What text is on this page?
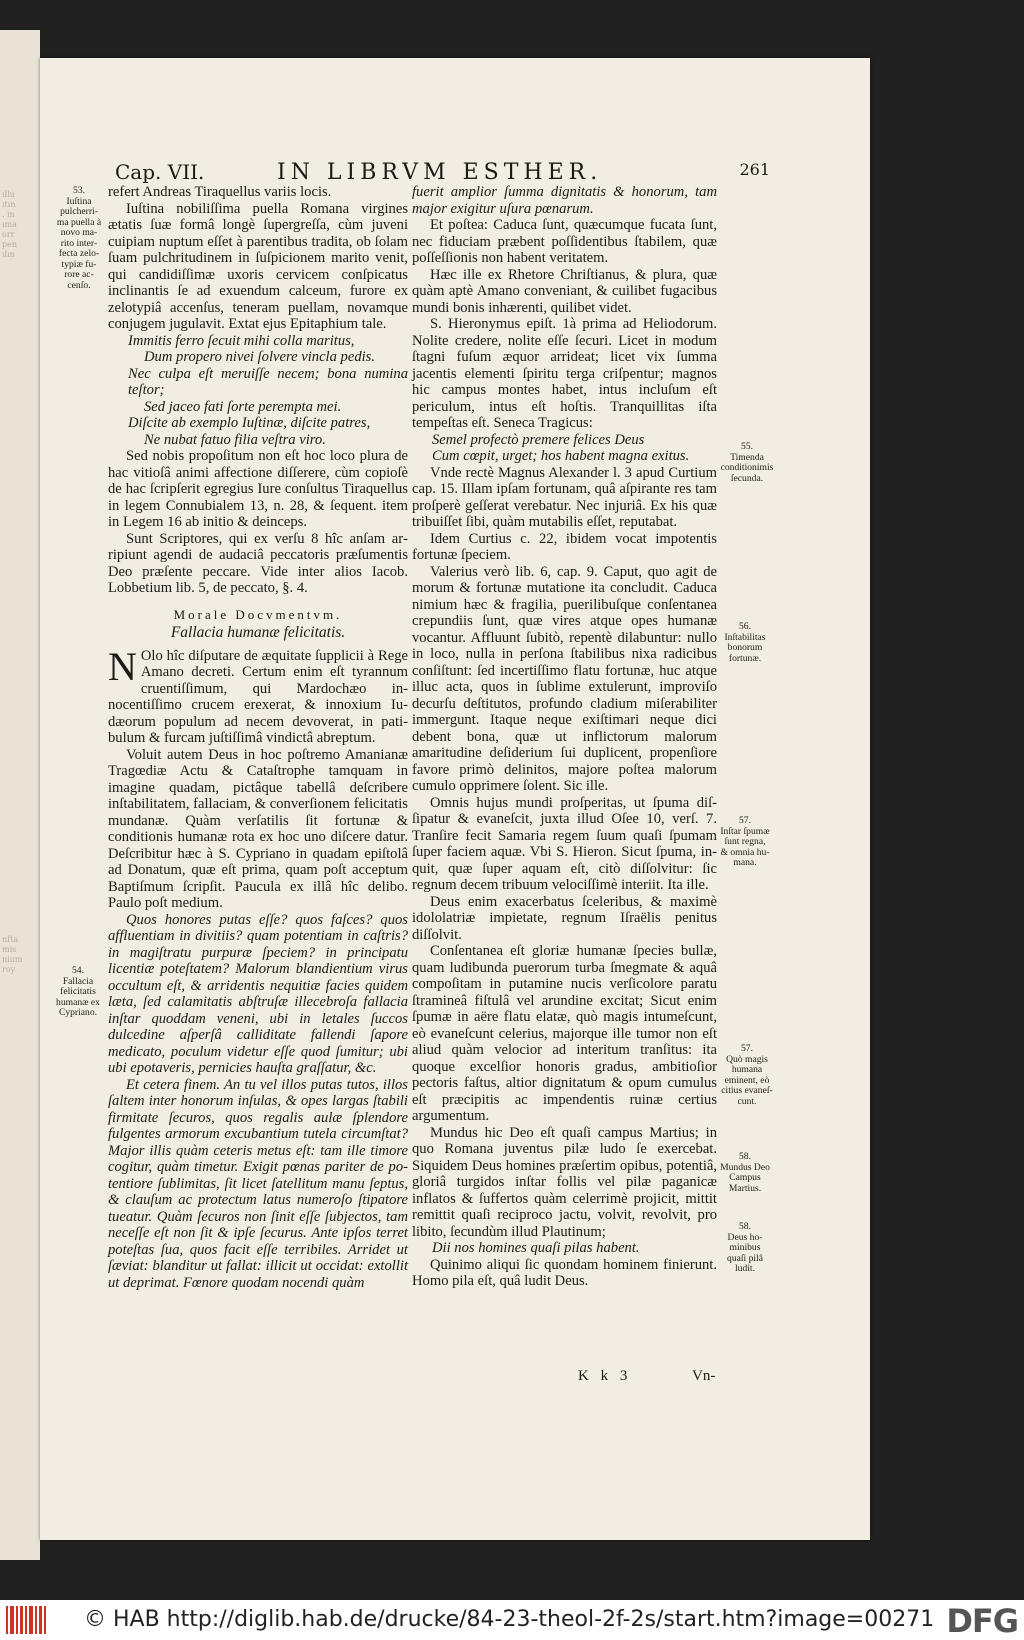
ıllu
ıtın
. m
ıma
orr
pen
ılın
nfta
mis
nium
roy
Cap. VII.	IN LIBRVM ESTHER.	261

refert Andreas Tiraquellus variis locis.

Iuſtina nobiliſſima puella Romana virgines ætatis ſuæ formâ longè ſupergreſſa, cùm juveni cuipiam nuptum eſſet à parentibus tradita, ob ſolam ſuam pulchritudinem in ſuſpicionem marito venit, qui candidiſſimæ uxoris cervicem conſpicatus inclinantis ſe ad exuendum calceum, furore ex zelotypiâ accenſus, teneram puellam, novamque conjugem jugulavit. Extat ejus Epitaphium tale.

Immitis ferro ſecuit mihi colla maritus,

Dum propero nivei ſolvere vincla pedis.

Nec culpa eſt meruiſſe necem; bona numina teſtor;

Sed jaceo fati ſorte perempta mei.

Diſcite ab exemplo Iuſtinæ, diſcite patres,

Ne nubat fatuo filia veſtra viro.

Sed nobis propoſitum non eſt hoc loco plura de hac vitioſâ animi affectione diſſerere, cùm copioſè de hac ſcripſerit egregius Iure conſultus Tiraquellus in legem Connubialem 13, n. 28, & ſequent. item in Legem 16 ab initio & deinceps.

Sunt Scriptores, qui ex verſu 8 hîc anſam arripiunt agendi de audaciâ peccatoris præſumentis Deo præſente peccare. Vide inter alios Iacob. Lobbetium lib. 5, de peccato, §. 4.

Morale Docvmentvm.

Fallacia humanæ felicitatis.

N Olo hîc diſputare de æquitate ſupplicii à Rege Amano decreti. Certum enim eſt tyrannum cruentiſſimum, qui Mardochæo innocentiſſimo crucem erexerat, & innoxium Iudæorum populum ad necem devoverat, in patibulum & furcam juſtiſſimâ vindictâ abreptum.

Voluit autem Deus in hoc poſtremo Amanianæ Tragœdiæ Actu & Cataſtrophe tamquam in imagine quadam, pictâque tabellâ deſcribere inſtabilitatem, fallaciam, & converſionem felicitatis mundanæ. Quàm verſatilis ſit fortunæ & conditionis humanæ rota ex hoc uno diſcere datur. Deſcribitur hæc à S. Cypriano in quadam epiſtolâ ad Donatum, quæ eſt prima, quam poſt acceptum Baptiſmum ſcripſit. Paucula ex illâ hîc delibo. Paulo poſt medium.

Quos honores putas eſſe? quos faſces? quos affluentiam in divitiis? quam potentiam in caſtris? in magiſtratu purpuræ ſpeciem? in principatu licentiæ poteſtatem? Malorum blandientium virus occultum eſt, & arridentis nequitiæ facies quidem læta, ſed calamitatis abſtruſæ illecebroſa fallacia inſtar quoddam veneni, ubi in letales ſuccos dulcedine aſperſâ calliditate fallendi ſapore medicato, poculum videtur eſſe quod ſumitur; ubi ubi epotaveris, pernicies hauſta graſſatur, &c.

Et cetera finem. An tu vel illos putas tutos, illos ſaltem inter honorum inſulas, & opes largas ſtabili firmitate ſecuros, quos regalis aulæ ſplendore fulgentes armorum excubantium tutela circumſtat? Major illis quàm ceteris metus eſt: tam ille timore cogitur, quàm timetur. Exigit pœnas pariter de potentiore ſublimitas, ſit licet ſatellitum manu ſeptus, & clauſum ac protectum latus numeroſo ſtipatore tueatur. Quàm ſecuros non ſinit eſſe ſubjectos, tam neceſſe eſt non ſit & ipſe ſecurus. Ante ipſos terret poteſtas ſua, quos facit eſſe terribiles. Arridet ut ſæviat: blanditur ut fallat: illicit ut occidat: extollit ut deprimat. Fœnore quodam nocendi quàm

fuerit amplior ſumma dignitatis & honorum, tam major exigitur uſura pœnarum.

Et poſtea: Caduca ſunt, quæcumque fucata ſunt, nec fiduciam præbent poſſidentibus ſtabilem, quæ poſſeſſionis non habent veritatem.

Hæc ille ex Rhetore Chriſtianus, & plura, quæ quàm aptè Amano conveniant, & cuilibet fugacibus mundi bonis inhærenti, quilibet videt.

S. Hieronymus epiſt. 1à prima ad Heliodorum. Nolite credere, nolite eſſe ſecuri. Licet in modum ſtagni fuſum æquor arrideat; licet vix ſumma jacentis elementi ſpiritu terga criſpentur; magnos hic campus montes habet, intus incluſum eſt periculum, intus eſt hoſtis. Tranquillitas iſta tempeſtas eſt. Seneca Tragicus:

Semel profectò premere felices Deus

Cum cœpit, urget; hos habent magna exitus.

Vnde rectè Magnus Alexander l. 3 apud Curtium cap. 15. Illam ipſam fortunam, quâ aſpirante res tam proſperè geſſerat verebatur. Nec injuriâ. Ex his quæ tribuiſſet ſibi, quàm mutabilis eſſet, reputabat.

Idem Curtius c. 22, ibidem vocat impotentis fortunæ ſpeciem.

Valerius verò lib. 6, cap. 9. Caput, quo agit de morum & fortunæ mutatione ita concludit. Caduca nimium hæc & fragilia, puerilibuſque conſentanea crepundiis ſunt, quæ vires atque opes humanæ vocantur. Affluunt ſubitò, repentè dilabuntur: nullo in loco, nulla in perſona ſtabilibus nixa radicibus conſiſtunt: ſed incertiſſimo flatu fortunæ, huc atque illuc acta, quos in ſublime extulerunt, improviſo decurſu deſtitutos, profundo cladium miſerabiliter immergunt. Itaque neque exiſtimari neque dici debent bona, quæ ut inflictorum malorum amaritudine deſiderium ſui duplicent, propenſiore favore primò delinitos, majore poſtea malorum cumulo opprimere ſolent. Sic ille.

Omnis hujus mundi proſperitas, ut ſpuma diſſipatur & evaneſcit, juxta illud Oſee 10, verſ. 7. Tranſire fecit Samaria regem ſuum quaſi ſpumam ſuper faciem aquæ. Vbi S. Hieron. Sicut ſpuma, inquit, quæ ſuper aquam eſt, citò diſſolvitur: ſic regnum decem tribuum velociſſimè interiit. Ita ille.

Deus enim exacerbatus ſceleribus, & maximè idololatriæ impietate, regnum Iſraëlis penitus diſſolvit.

Conſentanea eſt gloriæ humanæ ſpecies bullæ, quam ludibunda puerorum turba ſmegmate & aquâ compoſitam in putamine nucis verſicolore paratu ſtramineâ fiſtulâ vel arundine excitat; Sicut enim ſpumæ in aëre flatu elatæ, quò magis intumeſcunt, eò evaneſcunt celerius, majorque ille tumor non eſt aliud quàm velocior ad interitum tranſitus: ita quoque excelſior honoris gradus, ambitioſior pectoris faſtus, altior dignitatum & opum cumulus eſt præcipitis ac impendentis ruinæ certius argumentum.

Mundus hic Deo eſt quaſi campus Martius; in quo Romana juventus pilæ ludo ſe exercebat. Siquidem Deus homines præſertim opibus, potentiâ, gloriâ turgidos inſtar follis vel pilæ paganicæ inflatos & ſuffertos quàm celerrimè projicit, mittit remittit quaſi reciproco jactu, volvit, revolvit, pro libito, ſecundùm illud Plautinum;

Dii nos homines quaſi pilas habent.

Quinimo aliqui ſic quondam hominem finierunt. Homo pila eſt, quâ ludit Deus.

53.
Iuſtina pulcherrima puella à novo marito interfecta zelotypiæ furore accenſo.
54.
Fallacia felicitatis humanæ ex Cypriano.
55.
Timenda conditionimis ſecunda.
56.
Inſtabilitas bonorum fortunæ.
57.
Inſtar ſpumæ ſunt regna, & omnia humana.
57.
Quò magis humana eminent, eò citius evaneſcunt.
58.
Mundus Deo Campus Martius.
58.
Deus hominibus quaſi pilâ ludit.
K k 3	Vn-
© HAB http://diglib.hab.de/drucke/84-23-theol-2f-2s/start.htm?image=00271 DFG
